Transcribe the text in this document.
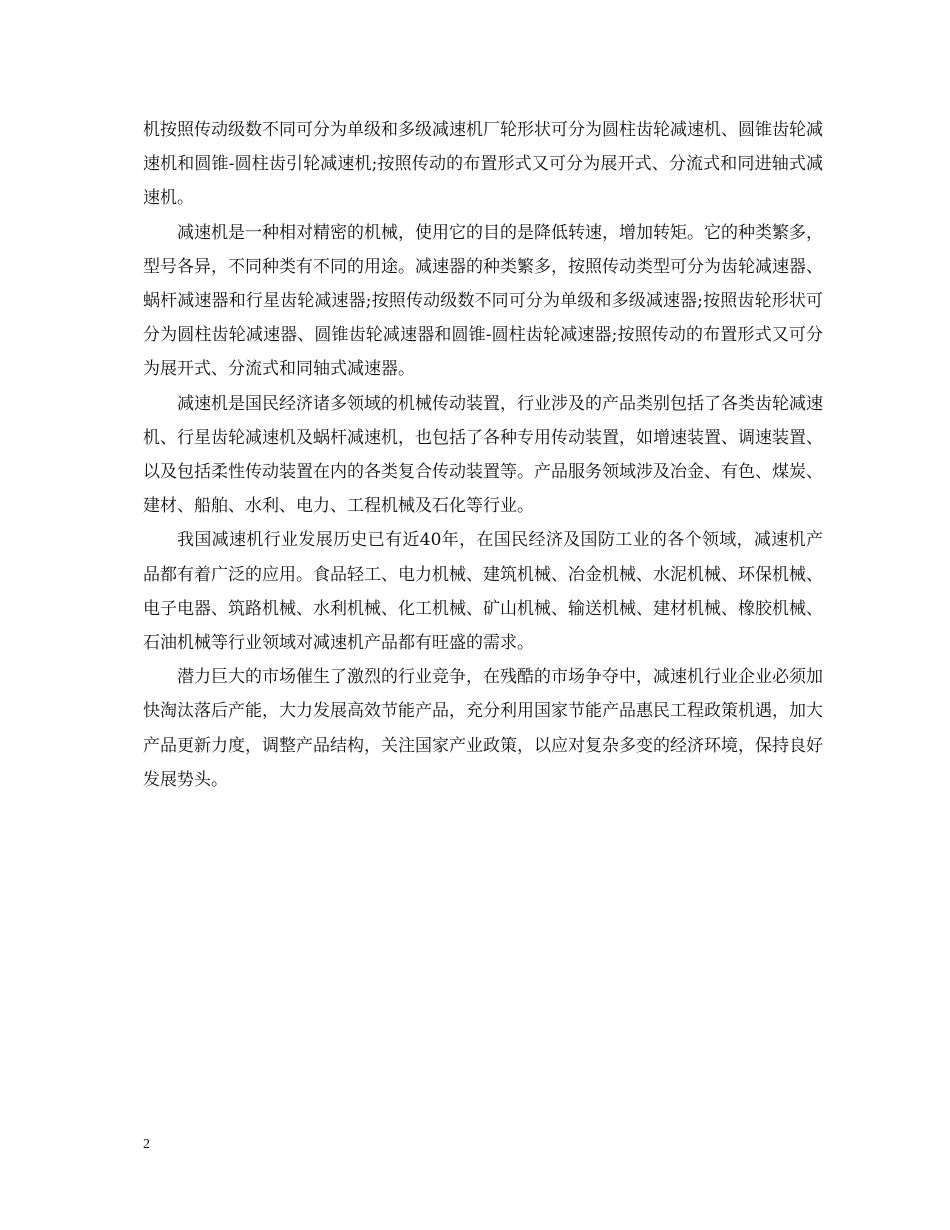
机按照传动级数不同可分为单级和多级减速机厂轮形状可分为圆柱齿轮减速机、圆锥齿轮减速机和圆锥-圆柱齿引轮减速机;按照传动的布置形式又可分为展开式、分流式和同进轴式减速机。

减速机是一种相对精密的机械，使用它的目的是降低转速，增加转矩。它的种类繁多，型号各异，不同种类有不同的用途。减速器的种类繁多，按照传动类型可分为齿轮减速器、蜗杆减速器和行星齿轮减速器;按照传动级数不同可分为单级和多级减速器;按照齿轮形状可分为圆柱齿轮减速器、圆锥齿轮减速器和圆锥-圆柱齿轮减速器;按照传动的布置形式又可分为展开式、分流式和同轴式减速器。

减速机是国民经济诸多领域的机械传动装置，行业涉及的产品类别包括了各类齿轮减速机、行星齿轮减速机及蜗杆减速机，也包括了各种专用传动装置，如增速装置、调速装置、以及包括柔性传动装置在内的各类复合传动装置等。产品服务领域涉及冶金、有色、煤炭、建材、船舶、水利、电力、工程机械及石化等行业。

我国减速机行业发展历史已有近40年，在国民经济及国防工业的各个领域，减速机产品都有着广泛的应用。食品轻工、电力机械、建筑机械、冶金机械、水泥机械、环保机械、电子电器、筑路机械、水利机械、化工机械、矿山机械、输送机械、建材机械、橡胶机械、石油机械等行业领域对减速机产品都有旺盛的需求。

潜力巨大的市场催生了激烈的行业竞争，在残酷的市场争夺中，减速机行业企业必须加快淘汰落后产能，大力发展高效节能产品，充分利用国家节能产品惠民工程政策机遇，加大产品更新力度，调整产品结构，关注国家产业政策，以应对复杂多变的经济环境，保持良好发展势头。

2
